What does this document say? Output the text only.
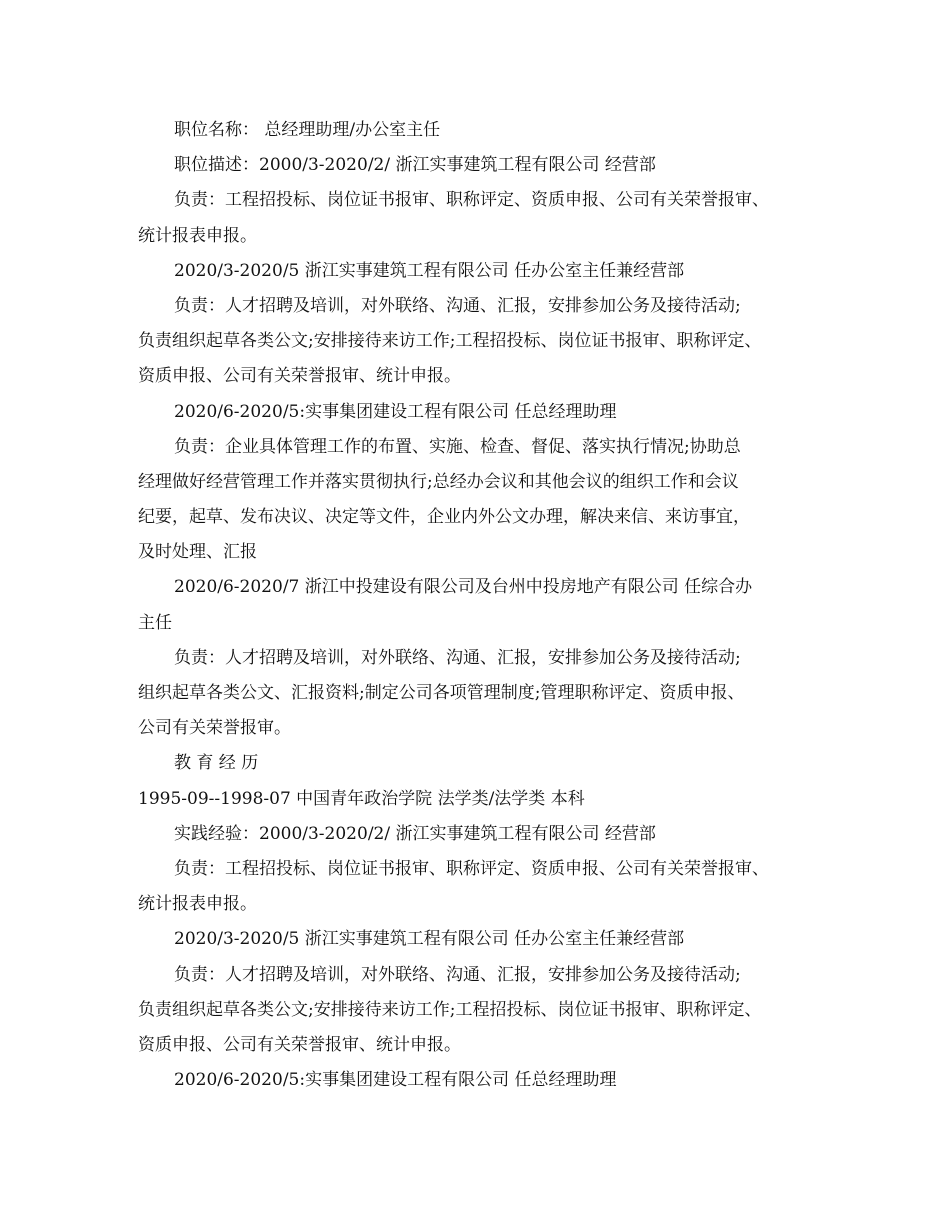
职位名称： 总经理助理/办公室主任
职位描述：2000/3-2020/2/ 浙江实事建筑工程有限公司 经营部
负责：工程招投标、岗位证书报审、职称评定、资质申报、公司有关荣誉报审、
统计报表申报。
2020/3-2020/5 浙江实事建筑工程有限公司 任办公室主任兼经营部
负责：人才招聘及培训，对外联络、沟通、汇报，安排参加公务及接待活动;
负责组织起草各类公文;安排接待来访工作;工程招投标、岗位证书报审、职称评定、
资质申报、公司有关荣誉报审、统计申报。
2020/6-2020/5:实事集团建设工程有限公司 任总经理助理
负责：企业具体管理工作的布置、实施、检查、督促、落实执行情况;协助总
经理做好经营管理工作并落实贯彻执行;总经办会议和其他会议的组织工作和会议
纪要，起草、发布决议、决定等文件，企业内外公文办理，解决来信、来访事宜，
及时处理、汇报
2020/6-2020/7 浙江中投建设有限公司及台州中投房地产有限公司 任综合办
主任
负责：人才招聘及培训，对外联络、沟通、汇报，安排参加公务及接待活动;
组织起草各类公文、汇报资料;制定公司各项管理制度;管理职称评定、资质申报、
公司有关荣誉报审。
教 育 经 历
1995-09--1998-07 中国青年政治学院 法学类/法学类 本科
实践经验：2000/3-2020/2/ 浙江实事建筑工程有限公司 经营部
负责：工程招投标、岗位证书报审、职称评定、资质申报、公司有关荣誉报审、
统计报表申报。
2020/3-2020/5 浙江实事建筑工程有限公司 任办公室主任兼经营部
负责：人才招聘及培训，对外联络、沟通、汇报，安排参加公务及接待活动;
负责组织起草各类公文;安排接待来访工作;工程招投标、岗位证书报审、职称评定、
资质申报、公司有关荣誉报审、统计申报。
2020/6-2020/5:实事集团建设工程有限公司 任总经理助理
